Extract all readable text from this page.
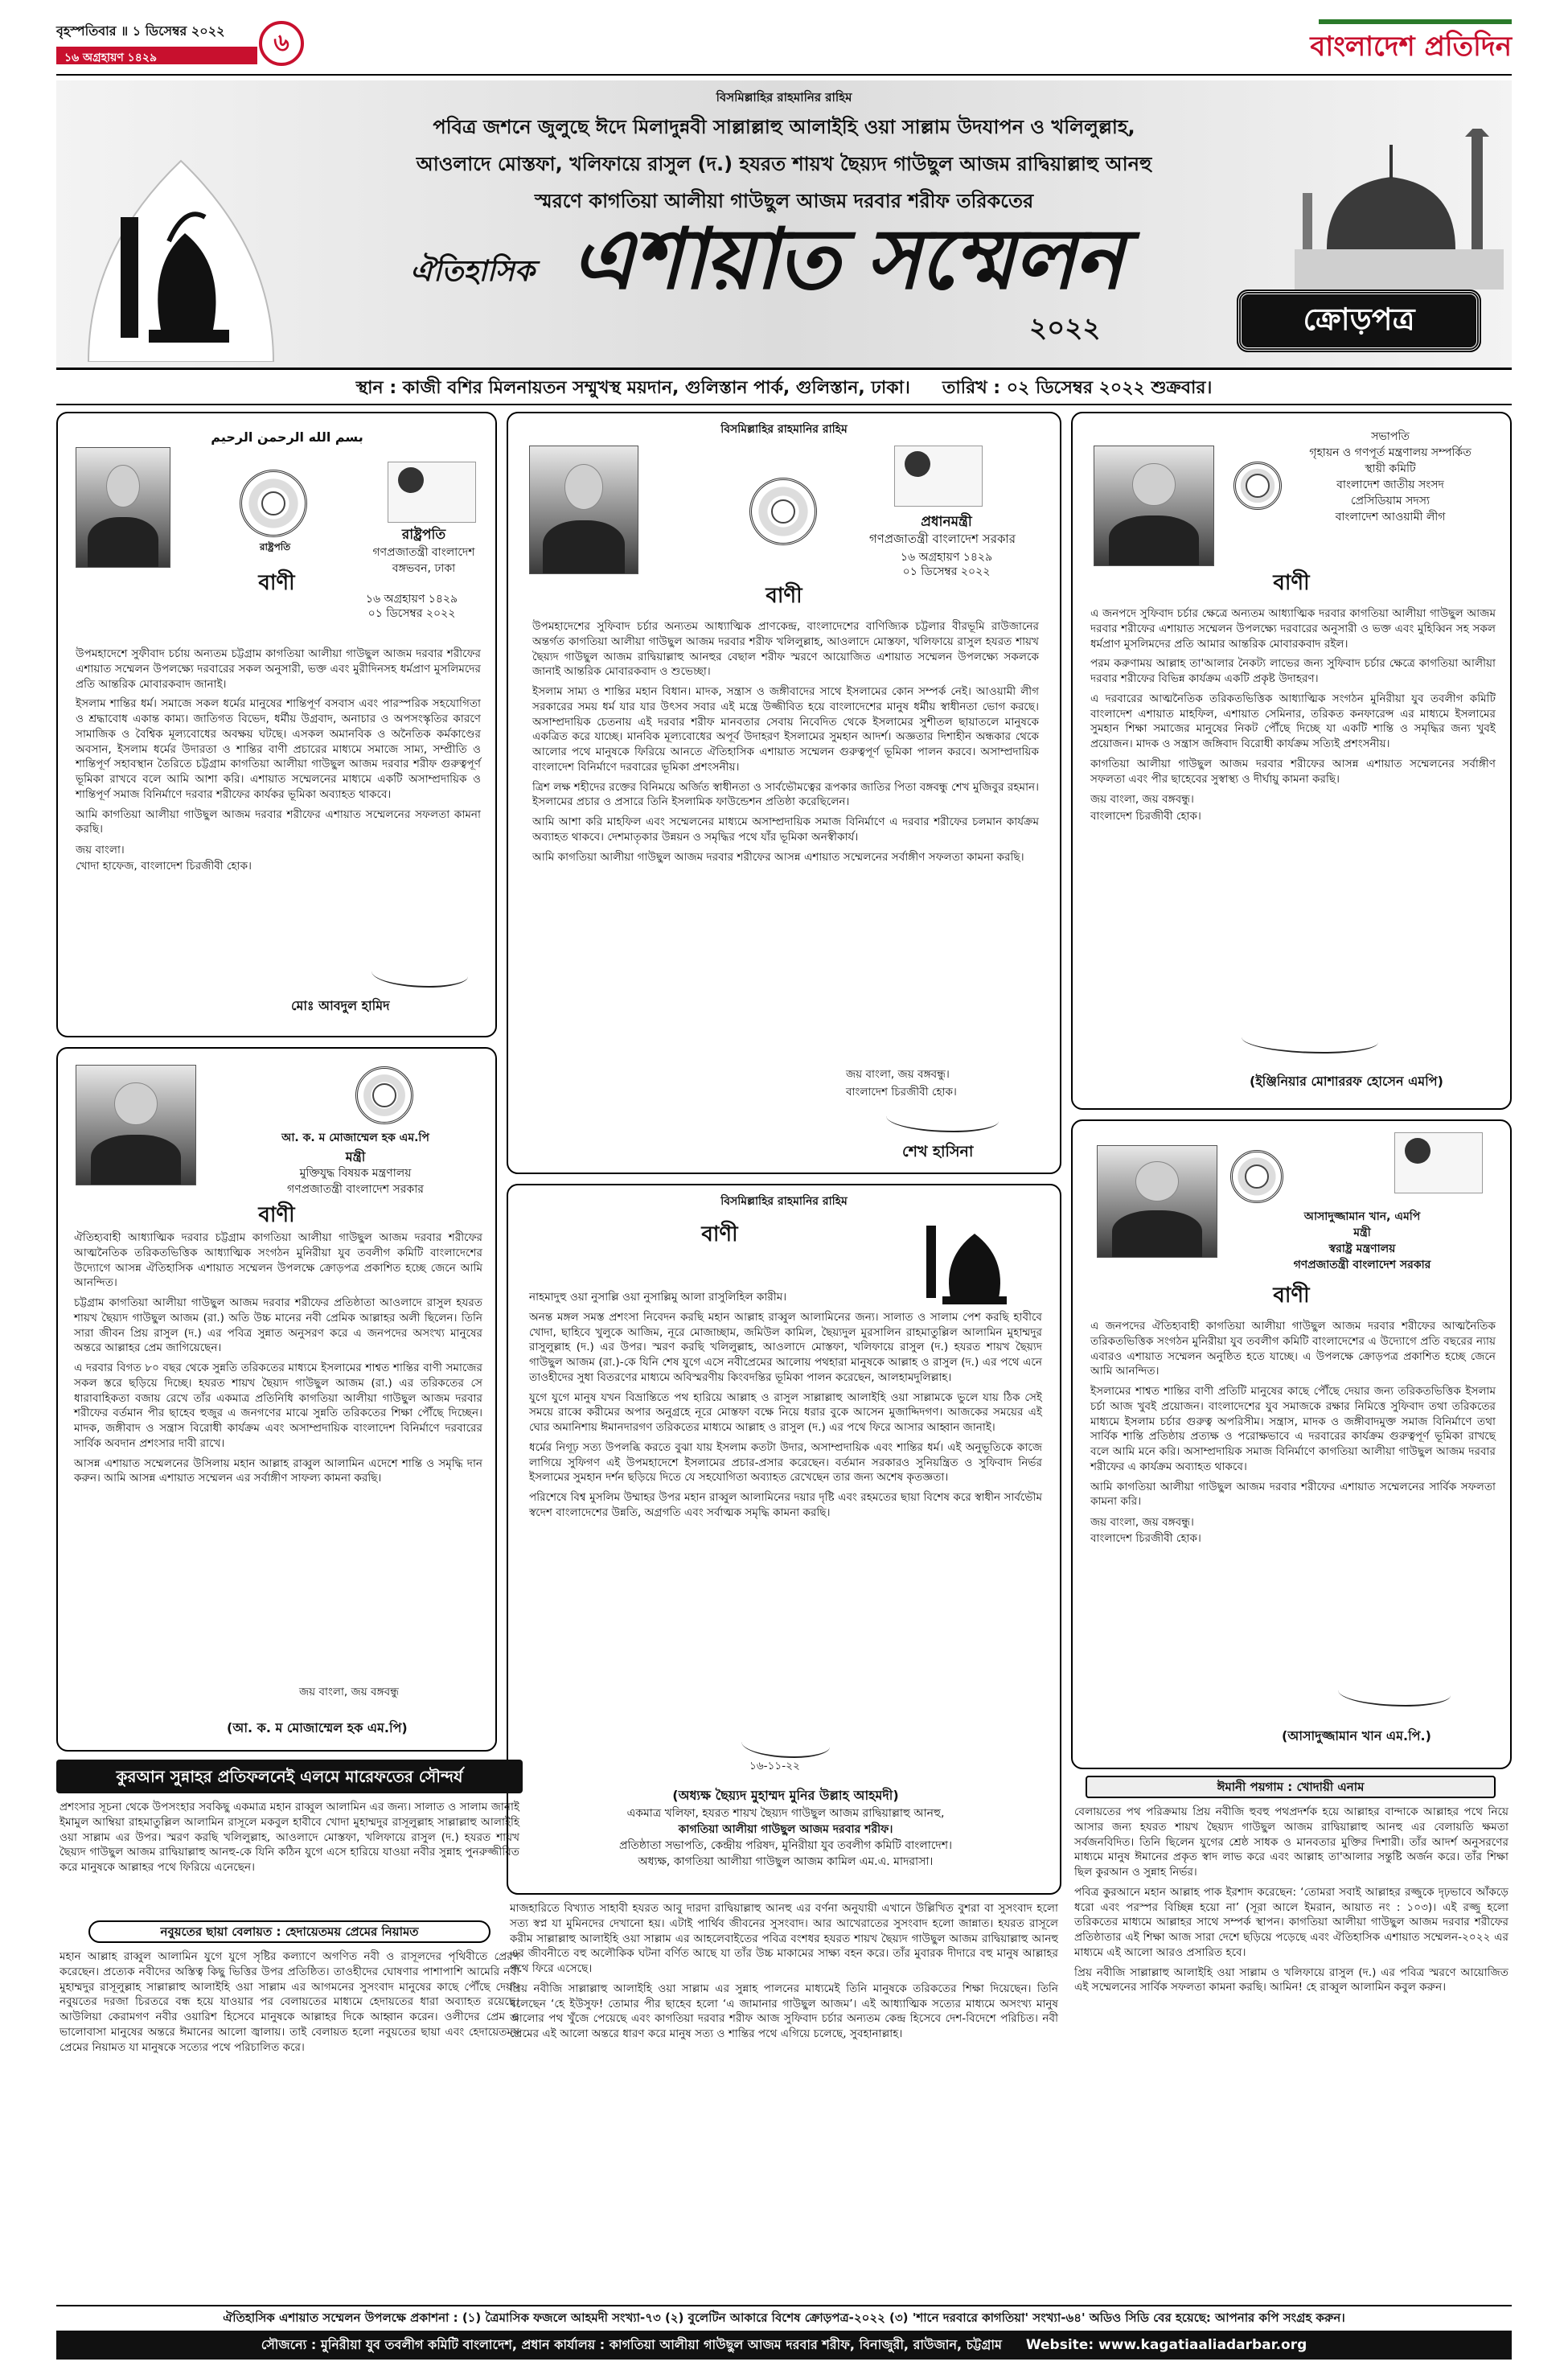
বৃহস্পতিবার ॥ ১ ডিসেম্বর ২০২২
১৬ অগ্রহায়ণ ১৪২৯
৬	বাংলাদেশ প্রতিদিন
বিসমিল্লাহির রাহমানির রাহিম
পবিত্র জশনে জুলুছে ঈদে মিলাদুন্নবী সাল্লাল্লাহু আলাইহি ওয়া সাল্লাম উদযাপন ও খলিলুল্লাহ,
আওলাদে মোস্তফা, খলিফায়ে রাসুল (দ.) হযরত শায়খ ছৈয়্যদ গাউছুল আজম রাদ্বিয়াল্লাহু আনহু
স্মরণে কাগতিয়া আলীয়া গাউছুল আজম দরবার শরীফ তরিকতের
ঐতিহাসিক এশায়াত সম্মেলন
২০২২	ক্রোড়পত্র
স্থান : কাজী বশির মিলনায়তন সম্মুখস্থ ময়দান, গুলিস্তান পার্ক, গুলিস্তান, ঢাকা। তারিখ : ০২ ডিসেম্বর ২০২২ শুক্রবার।
بسم الله الرحمن الرحيم
রাষ্ট্রপতি
রাষ্ট্রপতি
গণপ্রজাতন্ত্রী বাংলাদেশ
বঙ্গভবন, ঢাকা
বাণী
১৬ অগ্রহায়ণ ১৪২৯
০১ ডিসেম্বর ২০২২

উপমহাদেশে সুফীবাদ চর্চায় অন্যতম চট্টগ্রাম কাগতিয়া আলীয়া গাউছুল আজম দরবার শরীফের এশায়াত সম্মেলন উপলক্ষ্যে দরবারের সকল অনুসারী, ভক্ত এবং মুরীদিনসহ ধর্মপ্রাণ মুসলিমদের প্রতি আন্তরিক মোবারকবাদ জানাই।

ইসলাম শান্তির ধর্ম। সমাজে সকল ধর্মের মানুষের শান্তিপূর্ণ বসবাস এবং পারস্পরিক সহযোগিতা ও শ্রদ্ধাবোধ একান্ত কাম্য। জাতিগত বিভেদ, ধর্মীয় উগ্রবাদ, অনাচার ও অপসংস্কৃতির কারণে সামাজিক ও বৈশ্বিক মূল্যবোধের অবক্ষয় ঘটছে। এসকল অমানবিক ও অনৈতিক কর্মকাণ্ডের অবসান, ইসলাম ধর্মের উদারতা ও শান্তির বাণী প্রচারের মাধ্যমে সমাজে সাম্য, সম্প্রীতি ও শান্তিপূর্ণ সহাবস্থান তৈরিতে চট্টগ্রাম কাগতিয়া আলীয়া গাউছুল আজম দরবার শরীফ গুরুত্বপূর্ণ ভূমিকা রাখবে বলে আমি আশা করি। এশায়াত সম্মেলনের মাধ্যমে একটি অসাম্প্রদায়িক ও শান্তিপূর্ণ সমাজ বিনির্মাণে দরবার শরীফের কার্যকর ভূমিকা অব্যাহত থাকবে।

আমি কাগতিয়া আলীয়া গাউছুল আজম দরবার শরীফের এশায়াত সম্মেলনের সফলতা কামনা করছি।

জয় বাংলা।
খোদা হাফেজ, বাংলাদেশ চিরজীবী হোক।
মোঃ আবদুল হামিদ
বিসমিল্লাহির রাহমানির রাহিম
প্রধানমন্ত্রী
গণপ্রজাতন্ত্রী বাংলাদেশ সরকার
১৬ অগ্রহায়ণ ১৪২৯
০১ ডিসেম্বর ২০২২
বাণী

উপমহাদেশের সুফিবাদ চর্চার অন্যতম আধ্যাত্মিক প্রাণকেন্দ্র, বাংলাদেশের বাণিজ্যিক চট্টলার বীরভূমি রাউজানের অন্তর্গত কাগতিয়া আলীয়া গাউছুল আজম দরবার শরীফ খলিলুল্লাহ, আওলাদে মোস্তফা, খলিফায়ে রাসুল হযরত শায়খ ছৈয়্যদ গাউছুল আজম রাদ্বিয়াল্লাহু আনহুর বেছাল শরীফ স্মরণে আয়োজিত এশায়াত সম্মেলন উপলক্ষ্যে সকলকে জানাই আন্তরিক মোবারকবাদ ও শুভেচ্ছা।

ইসলাম সাম্য ও শান্তির মহান বিধান। মাদক, সন্ত্রাস ও জঙ্গীবাদের সাথে ইসলামের কোন সম্পর্ক নেই। আওয়ামী লীগ সরকারের সময় ধর্ম যার যার উৎসব সবার এই মন্ত্রে উজ্জীবিত হয়ে বাংলাদেশের মানুষ ধর্মীয় স্বাধীনতা ভোগ করছে। অসাম্প্রদায়িক চেতনায় এই দরবার শরীফ মানবতার সেবায় নিবেদিত থেকে ইসলামের সুশীতল ছায়াতলে মানুষকে একত্রিত করে যাচ্ছে। মানবিক মূল্যবোধের অপূর্ব উদাহরণ ইসলামের সুমহান আদর্শ। অজ্ঞতার দিশাহীন অন্ধকার থেকে আলোর পথে মানুষকে ফিরিয়ে আনতে ঐতিহাসিক এশায়াত সম্মেলন গুরুত্বপূর্ণ ভূমিকা পালন করবে। অসাম্প্রদায়িক বাংলাদেশ বিনির্মাণে দরবারের ভূমিকা প্রশংসনীয়।

ত্রিশ লক্ষ শহীদের রক্তের বিনিময়ে অর্জিত স্বাধীনতা ও সার্বভৌমত্বের রূপকার জাতির পিতা বঙ্গবন্ধু শেখ মুজিবুর রহমান। ইসলামের প্রচার ও প্রসারে তিনি ইসলামিক ফাউন্ডেশন প্রতিষ্ঠা করেছিলেন।

আমি আশা করি মাহফিল এবং সম্মেলনের মাধ্যমে অসাম্প্রদায়িক সমাজ বিনির্মাণে এ দরবার শরীফের চলমান কার্যক্রম অব্যাহত থাকবে। দেশমাতৃকার উন্নয়ন ও সমৃদ্ধির পথে যাঁর ভূমিকা অনস্বীকার্য।

আমি কাগতিয়া আলীয়া গাউছুল আজম দরবার শরীফের আসন্ন এশায়াত সম্মেলনের সর্বাঙ্গীণ সফলতা কামনা করছি।

জয় বাংলা, জয় বঙ্গবন্ধু।
বাংলাদেশ চিরজীবী হোক।
শেখ হাসিনা
সভাপতি
গৃহায়ন ও গণপূর্ত মন্ত্রণালয় সম্পর্কিত
স্থায়ী কমিটি
বাংলাদেশ জাতীয় সংসদ
প্রেসিডিয়াম সদস্য
বাংলাদেশ আওয়ামী লীগ
বাণী

এ জনপদে সুফিবাদ চর্চার ক্ষেত্রে অন্যতম আধ্যাত্মিক দরবার কাগতিয়া আলীয়া গাউছুল আজম দরবার শরীফের এশায়াত সম্মেলন উপলক্ষ্যে দরবারের অনুসারী ও ভক্ত এবং মুহিব্বিন সহ সকল ধর্মপ্রাণ মুসলিমদের প্রতি আমার আন্তরিক মোবারকবাদ রইল।

পরম করুণাময় আল্লাহ তা'আলার নৈকট্য লাভের জন্য সুফিবাদ চর্চার ক্ষেত্রে কাগতিয়া আলীয়া দরবার শরীফের বিভিন্ন কার্যক্রম একটি প্রকৃষ্ট উদাহরণ।

এ দরবারের আত্মনৈতিক তরিকতভিত্তিক আধ্যাত্মিক সংগঠন মুনিরীয়া যুব তবলীগ কমিটি বাংলাদেশ এশায়াত মাহফিল, এশায়াত সেমিনার, তরিকত কনফারেন্স এর মাধ্যমে ইসলামের সুমহান শিক্ষা সমাজের মানুষের নিকট পৌঁছে দিচ্ছে যা একটি শান্তি ও সমৃদ্ধির জন্য খুবই প্রয়োজন। মাদক ও সন্ত্রাস জঙ্গিবাদ বিরোধী কার্যক্রম সত্যিই প্রশংসনীয়।

কাগতিয়া আলীয়া গাউছুল আজম দরবার শরীফের আসন্ন এশায়াত সম্মেলনের সর্বাঙ্গীণ সফলতা এবং পীর ছাহেবের সুস্বাস্থ্য ও দীর্ঘায়ু কামনা করছি।

জয় বাংলা, জয় বঙ্গবন্ধু।
বাংলাদেশ চিরজীবী হোক।
(ইঞ্জিনিয়ার মোশাররফ হোসেন এমপি)
আ. ক. ম মোজাম্মেল হক এম.পি
মন্ত্রী
মুক্তিযুদ্ধ বিষয়ক মন্ত্রণালয়
গণপ্রজাতন্ত্রী বাংলাদেশ সরকার
বাণী

ঐতিহ্যবাহী আধ্যাত্মিক দরবার চট্টগ্রাম কাগতিয়া আলীয়া গাউছুল আজম দরবার শরীফের আত্মনৈতিক তরিকতভিত্তিক আধ্যাত্মিক সংগঠন মুনিরীয়া যুব তবলীগ কমিটি বাংলাদেশের উদ্যোগে আসন্ন ঐতিহাসিক এশায়াত সম্মেলন উপলক্ষে ক্রোড়পত্র প্রকাশিত হচ্ছে জেনে আমি আনন্দিত।

চট্টগ্রাম কাগতিয়া আলীয়া গাউছুল আজম দরবার শরীফের প্রতিষ্ঠাতা আওলাদে রাসুল হযরত শায়খ ছৈয়্যদ গাউছুল আজম (রা.) অতি উচ্চ মানের নবী প্রেমিক আল্লাহর অলী ছিলেন। তিনি সারা জীবন প্রিয় রাসুল (দ.) এর পবিত্র সুন্নাত অনুসরণ করে এ জনপদের অসংখ্য মানুষের অন্তরে আল্লাহর প্রেম জাগিয়েছেন।

এ দরবার বিগত ৮০ বছর থেকে সুন্নতি তরিকতের মাধ্যমে ইসলামের শাশ্বত শান্তির বাণী সমাজের সকল স্তরে ছড়িয়ে দিচ্ছে। হযরত শায়খ ছৈয়্যদ গাউছুল আজম (রা.) এর তরিকতের সে ধারাবাহিকতা বজায় রেখে তাঁর একমাত্র প্রতিনিধি কাগতিয়া আলীয়া গাউছুল আজম দরবার শরীফের বর্তমান পীর ছাহেব হুজুর এ জনগণের মাঝে সুন্নতি তরিকতের শিক্ষা পৌঁছে দিচ্ছেন। মাদক, জঙ্গীবাদ ও সন্ত্রাস বিরোধী কার্যক্রম এবং অসাম্প্রদায়িক বাংলাদেশ বিনির্মাণে দরবারের সার্বিক অবদান প্রশংসার দাবী রাখে।

আসন্ন এশায়াত সম্মেলনের উসিলায় মহান আল্লাহ রাব্বুল আলামিন এদেশে শান্তি ও সমৃদ্ধি দান করুন। আমি আসন্ন এশায়াত সম্মেলন এর সর্বাঙ্গীণ সাফল্য কামনা করছি।

জয় বাংলা, জয় বঙ্গবন্ধু
(আ. ক. ম মোজাম্মেল হক এম.পি)
বিসমিল্লাহির রাহমানির রাহিম
বাণী

নাহমাদুহু ওয়া নুসাল্লি ওয়া নুসাল্লিমু আলা রাসুলিহিল কারীম।

অনন্ত মঙ্গল সমস্ত প্রশংসা নিবেদন করছি মহান আল্লাহ রাব্বুল আলামিনের জন্য। সালাত ও সালাম পেশ করছি হাবীবে খোদা, ছাহিবে খুলুকে আজিম, নূরে মোজাচ্ছাম, জমিউল কামিল, ছৈয়্যদুল মুরসালিন রাহমাতুল্লিল আলামিন মুহাম্মদুর রাসুলুল্লাহ (দ.) এর উপর। স্মরণ করছি খলিলুল্লাহ, আওলাদে মোস্তফা, খলিফায়ে রাসুল (দ.) হযরত শায়খ ছৈয়্যদ গাউছুল আজম (রা.)-কে যিনি শেষ যুগে এসে নবীপ্রেমের আলোয় পথহারা মানুষকে আল্লাহ ও রাসুল (দ.) এর পথে এনে তাওহীদের সুধা বিতরণের মাধ্যমে অবিস্মরণীয় কিংবদন্তির ভূমিকা পালন করেছেন, আলহামদুলিল্লাহ।

যুগে যুগে মানুষ যখন বিভ্রান্তিতে পথ হারিয়ে আল্লাহ ও রাসুল সাল্লাল্লাহু আলাইহি ওয়া সাল্লামকে ভুলে যায় ঠিক সেই সময়ে রাব্বে করীমের অপার অনুগ্রহে নূরে মোস্তফা বক্ষে নিয়ে ধরার বুকে আসেন মুজাদ্দিদগণ। আজকের সময়ের এই ঘোর অমানিশায় ঈমানদারগণ তরিকতের মাধ্যমে আল্লাহ ও রাসুল (দ.) এর পথে ফিরে আসার আহ্বান জানাই।

ধর্মের নিগূঢ় সত্য উপলব্ধি করতে বুঝা যায় ইসলাম কতটা উদার, অসাম্প্রদায়িক এবং শান্তির ধর্ম। এই অনুভূতিকে কাজে লাগিয়ে সুফিগণ এই উপমহাদেশে ইসলামের প্রচার-প্রসার করেছেন। বর্তমান সরকারও সুনিয়ন্ত্রিত ও সুফিবাদ নির্ভর ইসলামের সুমহান দর্শন ছড়িয়ে দিতে যে সহযোগিতা অব্যাহত রেখেছেন তার জন্য অশেষ কৃতজ্ঞতা।

পরিশেষে বিশ্ব মুসলিম উম্মাহর উপর মহান রাব্বুল আলামিনের দয়ার দৃষ্টি এবং রহমতের ছায়া বিশেষ করে স্বাধীন সার্বভৌম স্বদেশ বাংলাদেশের উন্নতি, অগ্রগতি এবং সর্বাত্মক সমৃদ্ধি কামনা করছি।

১৬-১১-২২
(অধ্যক্ষ ছৈয়্যদ মুহাম্মদ মুনির উল্লাহ আহমদী)
একমাত্র খলিফা, হযরত শায়খ ছৈয়্যদ গাউছুল আজম রাদ্বিয়াল্লাহু আনহু,
কাগতিয়া আলীয়া গাউছুল আজম দরবার শরীফ।
প্রতিষ্ঠাতা সভাপতি, কেন্দ্রীয় পরিষদ, মুনিরীয়া যুব তবলীগ কমিটি বাংলাদেশ।
অধ্যক্ষ, কাগতিয়া আলীয়া গাউছুল আজম কামিল এম.এ. মাদরাসা।
আসাদুজ্জামান খান, এমপি
মন্ত্রী
স্বরাষ্ট্র মন্ত্রণালয়
গণপ্রজাতন্ত্রী বাংলাদেশ সরকার
বাণী

এ জনপদের ঐতিহ্যবাহী কাগতিয়া আলীয়া গাউছুল আজম দরবার শরীফের আত্মনৈতিক তরিকতভিত্তিক সংগঠন মুনিরীয়া যুব তবলীগ কমিটি বাংলাদেশের এ উদ্যোগে প্রতি বছরের ন্যায় এবারও এশায়াত সম্মেলন অনুষ্ঠিত হতে যাচ্ছে। এ উপলক্ষে ক্রোড়পত্র প্রকাশিত হচ্ছে জেনে আমি আনন্দিত।

ইসলামের শাশ্বত শান্তির বাণী প্রতিটি মানুষের কাছে পৌঁছে দেয়ার জন্য তরিকতভিত্তিক ইসলাম চর্চা আজ খুবই প্রয়োজন। বাংলাদেশের যুব সমাজকে রক্ষার নিমিত্তে সুফিবাদ তথা তরিকতের মাধ্যমে ইসলাম চর্চার গুরুত্ব অপরিসীম। সন্ত্রাস, মাদক ও জঙ্গীবাদমুক্ত সমাজ বিনির্মাণে তথা সার্বিক শান্তি প্রতিষ্ঠায় প্রত্যক্ষ ও পরোক্ষভাবে এ দরবারের কার্যক্রম গুরুত্বপূর্ণ ভূমিকা রাখছে বলে আমি মনে করি। অসাম্প্রদায়িক সমাজ বিনির্মাণে কাগতিয়া আলীয়া গাউছুল আজম দরবার শরীফের এ কার্যক্রম অব্যাহত থাকবে।

আমি কাগতিয়া আলীয়া গাউছুল আজম দরবার শরীফের এশায়াত সম্মেলনের সার্বিক সফলতা কামনা করি।

জয় বাংলা, জয় বঙ্গবন্ধু।
বাংলাদেশ চিরজীবী হোক।
(আসাদুজ্জামান খান এম.পি.)
কুরআন সুন্নাহর প্রতিফলনেই এলমে মারেফতের সৌন্দর্য

প্রশংসার সূচনা থেকে উপসংহার সবকিছু একমাত্র মহান রাব্বুল আলামিন এর জন্য। সালাত ও সালাম জানাই ইমামুল আম্বিয়া রাহমাতুল্লিল আলামিন রাসূলে মকবুল হাবীবে খোদা মুহাম্মদুর রাসূলুল্লাহ সাল্লাল্লাহু আলাইহি ওয়া সাল্লাম এর উপর। স্মরণ করছি খলিলুল্লাহ, আওলাদে মোস্তফা, খলিফায়ে রাসুল (দ.) হযরত শায়খ ছৈয়্যদ গাউছুল আজম রাদ্বিয়াল্লাহু আনহু-কে যিনি কঠিন যুগে এসে হারিয়ে যাওয়া নবীর সুন্নাহ পুনরুজ্জীবিত করে মানুষকে আল্লাহর পথে ফিরিয়ে এনেছেন।

নবুয়তের ছায়া বেলায়ত : হেদায়েতময় প্রেমের নিয়ামত

মহান আল্লাহ রাব্বুল আলামিন যুগে যুগে সৃষ্টির কল্যাণে অগণিত নবী ও রাসূলদের পৃথিবীতে প্রেরণ করেছেন। প্রত্যেক নবীদের অস্তিত্ব কিছু ভিত্তির উপর প্রতিষ্ঠিত। তাওহীদের ঘোষণার পাশাপাশি আমেরি নবী মুহাম্মদুর রাসূলুল্লাহ সাল্লাল্লাহু আলাইহি ওয়া সাল্লাম এর আগমনের সুসংবাদ মানুষের কাছে পৌঁছে দেয়া। নবুয়তের দরজা চিরতরে বন্ধ হয়ে যাওয়ার পর বেলায়তের মাধ্যমে হেদায়তের ধারা অব্যাহত রয়েছে। আউলিয়া কেরামগণ নবীর ওয়ারিশ হিসেবে মানুষকে আল্লাহর দিকে আহ্বান করেন। ওলীদের প্রেম ও ভালোবাসা মানুষের অন্তরে ঈমানের আলো জ্বালায়। তাই বেলায়ত হলো নবুয়তের ছায়া এবং হেদায়েতময় প্রেমের নিয়ামত যা মানুষকে সত্যের পথে পরিচালিত করে।

মাজহারিতে বিখ্যাত সাহাবী হযরত আবু দারদা রাদ্বিয়াল্লাহু আনহু এর বর্ণনা অনুযায়ী এখানে উল্লিখিত বুশরা বা সুসংবাদ হলো সত্য স্বপ্ন যা মুমিনদের দেখানো হয়। এটাই পার্থিব জীবনের সুসংবাদ। আর আখেরাতের সুসংবাদ হলো জান্নাত। হযরত রাসূলে করীম সাল্লাল্লাহু আলাইহি ওয়া সাল্লাম এর আহলেবাইতের পবিত্র বংশধর হযরত শায়খ ছৈয়্যদ গাউছুল আজম রাদ্বিয়াল্লাহু আনহু এর জীবনীতে বহু অলৌকিক ঘটনা বর্ণিত আছে যা তাঁর উচ্চ মাকামের সাক্ষ্য বহন করে। তাঁর মুবারক দীদারে বহু মানুষ আল্লাহর পথে ফিরে এসেছে।

প্রিয় নবীজি সাল্লাল্লাহু আলাইহি ওয়া সাল্লাম এর সুন্নাহ পালনের মাধ্যমেই তিনি মানুষকে তরিকতের শিক্ষা দিয়েছেন। তিনি বলেছেন ‘হে ইউসুফ! তোমার পীর ছাহেব হলো ‘এ জামানার গাউছুল আজম’। এই আধ্যাত্মিক সত্যের মাধ্যমে অসংখ্য মানুষ আলোর পথ খুঁজে পেয়েছে এবং কাগতিয়া দরবার শরীফ আজ সুফিবাদ চর্চার অন্যতম কেন্দ্র হিসেবে দেশ-বিদেশে পরিচিত। নবী প্রেমের এই আলো অন্তরে ধারণ করে মানুষ সত্য ও শান্তির পথে এগিয়ে চলেছে, সুবহানাল্লাহ।

ঈমানী পয়গাম : খোদায়ী এনাম

বেলায়তের পথ পরিক্রমায় প্রিয় নবীজি হুবহু পথপ্রদর্শক হয়ে আল্লাহর বান্দাকে আল্লাহর পথে নিয়ে আসার জন্য হযরত শায়খ ছৈয়্যদ গাউছুল আজম রাদ্বিয়াল্লাহু আনহু এর বেলায়তি ক্ষমতা সর্বজনবিদিত। তিনি ছিলেন যুগের শ্রেষ্ঠ সাধক ও মানবতার মুক্তির দিশারী। তাঁর আদর্শ অনুসরণের মাধ্যমে মানুষ ঈমানের প্রকৃত স্বাদ লাভ করে এবং আল্লাহ তা'আলার সন্তুষ্টি অর্জন করে। তাঁর শিক্ষা ছিল কুরআন ও সুন্নাহ নির্ভর।

পবিত্র কুরআনে মহান আল্লাহ পাক ইরশাদ করেছেন: ‘তোমরা সবাই আল্লাহর রজ্জুকে দৃঢ়ভাবে আঁকড়ে ধরো এবং পরস্পর বিচ্ছিন্ন হয়ো না’ (সূরা আলে ইমরান, আয়াত নং : ১০৩)। এই রজ্জু হলো তরিকতের মাধ্যমে আল্লাহর সাথে সম্পর্ক স্থাপন। কাগতিয়া আলীয়া গাউছুল আজম দরবার শরীফের প্রতিষ্ঠাতার এই শিক্ষা আজ সারা দেশে ছড়িয়ে পড়েছে এবং ঐতিহাসিক এশায়াত সম্মেলন-২০২২ এর মাধ্যমে এই আলো আরও প্রসারিত হবে।

প্রিয় নবীজি সাল্লাল্লাহু আলাইহি ওয়া সাল্লাম ও খলিফায়ে রাসুল (দ.) এর পবিত্র স্মরণে আয়োজিত এই সম্মেলনের সার্বিক সফলতা কামনা করছি। আমিন! হে রাব্বুল আলামিন কবুল করুন।

ঐতিহাসিক এশায়াত সম্মেলন উপলক্ষে প্রকাশনা : (১) ত্রৈমাসিক ফজলে আহমদী সংখ্যা-৭৩ (২) বুলেটিন আকারে বিশেষ ক্রোড়পত্র-২০২২ (৩) 'শানে দরবারে কাগতিয়া' সংখ্যা-৬৪' অডিও সিডি বের হয়েছে: আপনার কপি সংগ্রহ করুন।
সৌজন্যে : মুনিরীয়া যুব তবলীগ কমিটি বাংলাদেশ, প্রধান কার্যালয় : কাগতিয়া আলীয়া গাউছুল আজম দরবার শরীফ, বিনাজুরী, রাউজান, চট্টগ্রাম Website: www.kagatiaaliadarbar.org
